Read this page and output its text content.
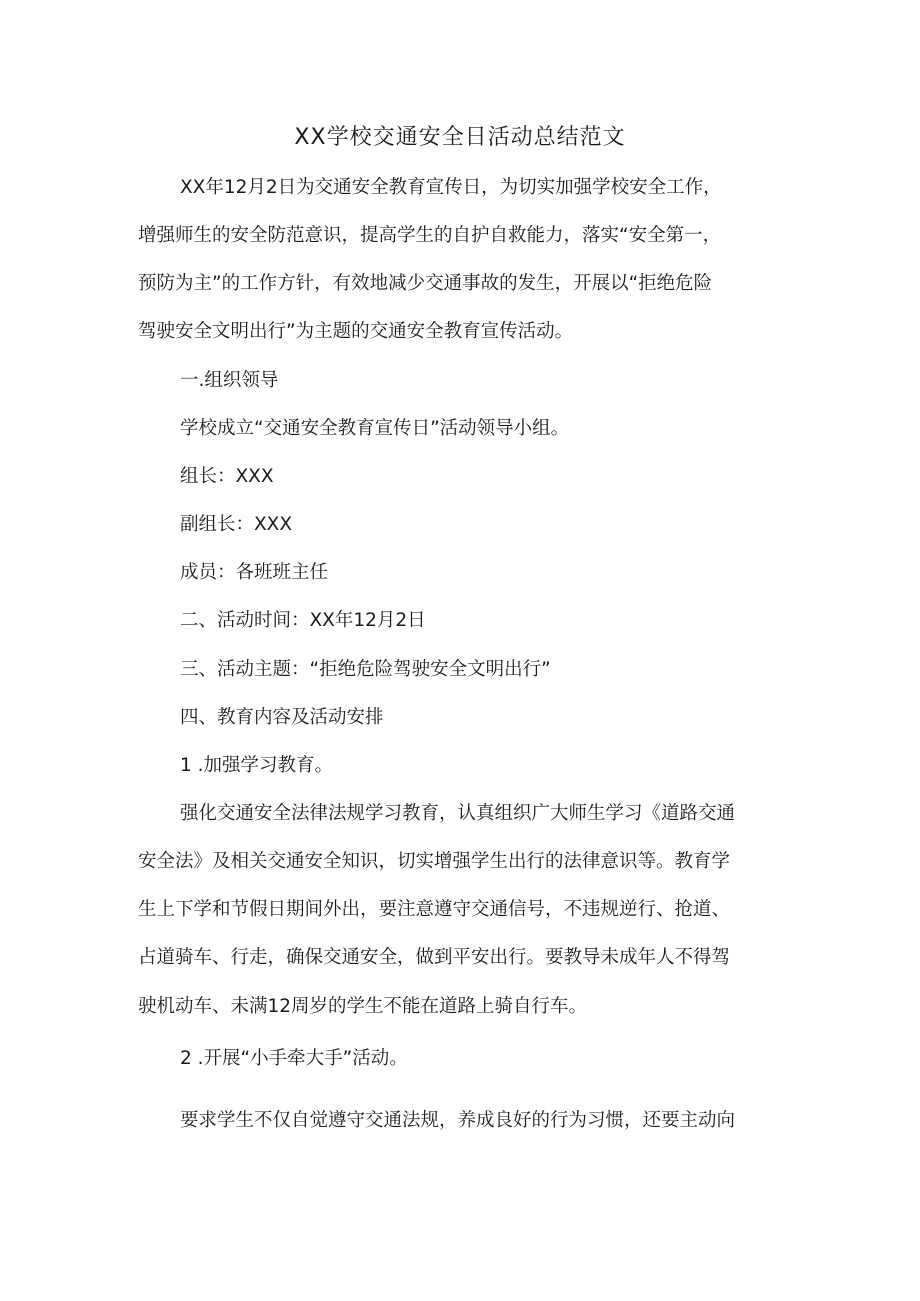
XX学校交通安全日活动总结范文
XX年12月2日为交通安全教育宣传日，为切实加强学校安全工作，
增强师生的安全防范意识，提高学生的自护自救能力，落实“安全第一，
预防为主”的工作方针，有效地减少交通事故的发生，开展以“拒绝危险
驾驶安全文明出行”为主题的交通安全教育宣传活动。
一.组织领导
学校成立“交通安全教育宣传日”活动领导小组。
组长：XXX
副组长：XXX
成员：各班班主任
二、活动时间：XX年12月2日
三、活动主题：“拒绝危险驾驶安全文明出行”
四、教育内容及活动安排
1 .加强学习教育。
强化交通安全法律法规学习教育，认真组织广大师生学习《道路交通
安全法》及相关交通安全知识，切实增强学生出行的法律意识等。教育学
生上下学和节假日期间外出，要注意遵守交通信号，不违规逆行、抢道、
占道骑车、行走，确保交通安全，做到平安出行。要教导未成年人不得驾
驶机动车、未满12周岁的学生不能在道路上骑自行车。
2 .开展“小手牵大手”活动。
要求学生不仅自觉遵守交通法规，养成良好的行为习惯，还要主动向
